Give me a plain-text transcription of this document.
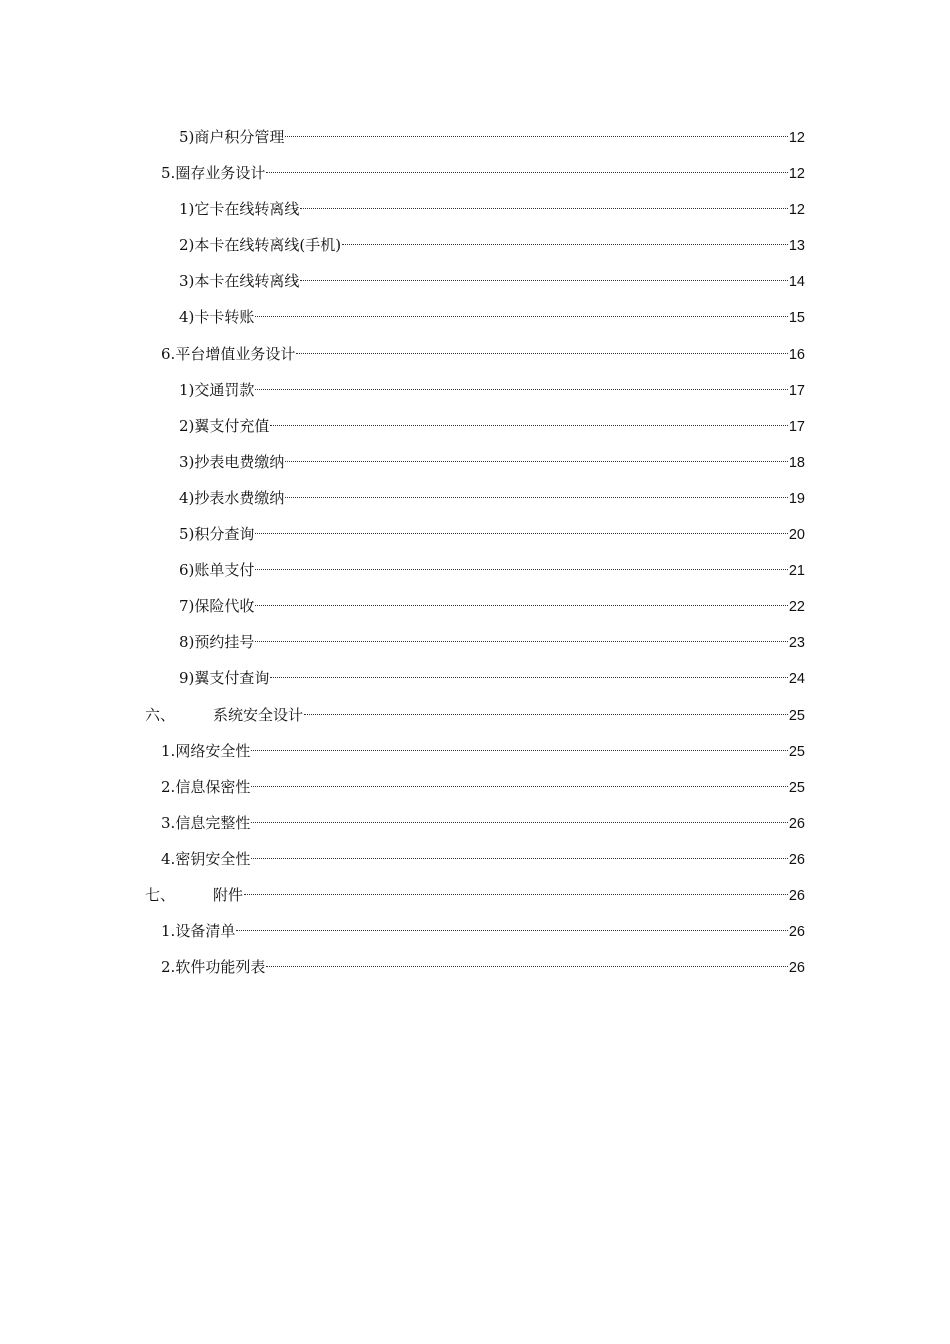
5) 商户积分管理	12
5. 圈存业务设计	12
1) 它卡在线转离线	12
2) 本卡在线转离线(手机)	13
3) 本卡在线转离线	14
4) 卡卡转账	15
6. 平台增值业务设计	16
1) 交通罚款	17
2) 翼支付充值	17
3) 抄表电费缴纳	18
4) 抄表水费缴纳	19
5) 积分查询	20
6) 账单支付	21
7) 保险代收	22
8) 预约挂号	23
9) 翼支付查询	24
六、	系统安全设计	25
1. 网络安全性	25
2. 信息保密性	25
3. 信息完整性	26
4. 密钥安全性	26
七、	附件	26
1. 设备清单	26
2. 软件功能列表	26
